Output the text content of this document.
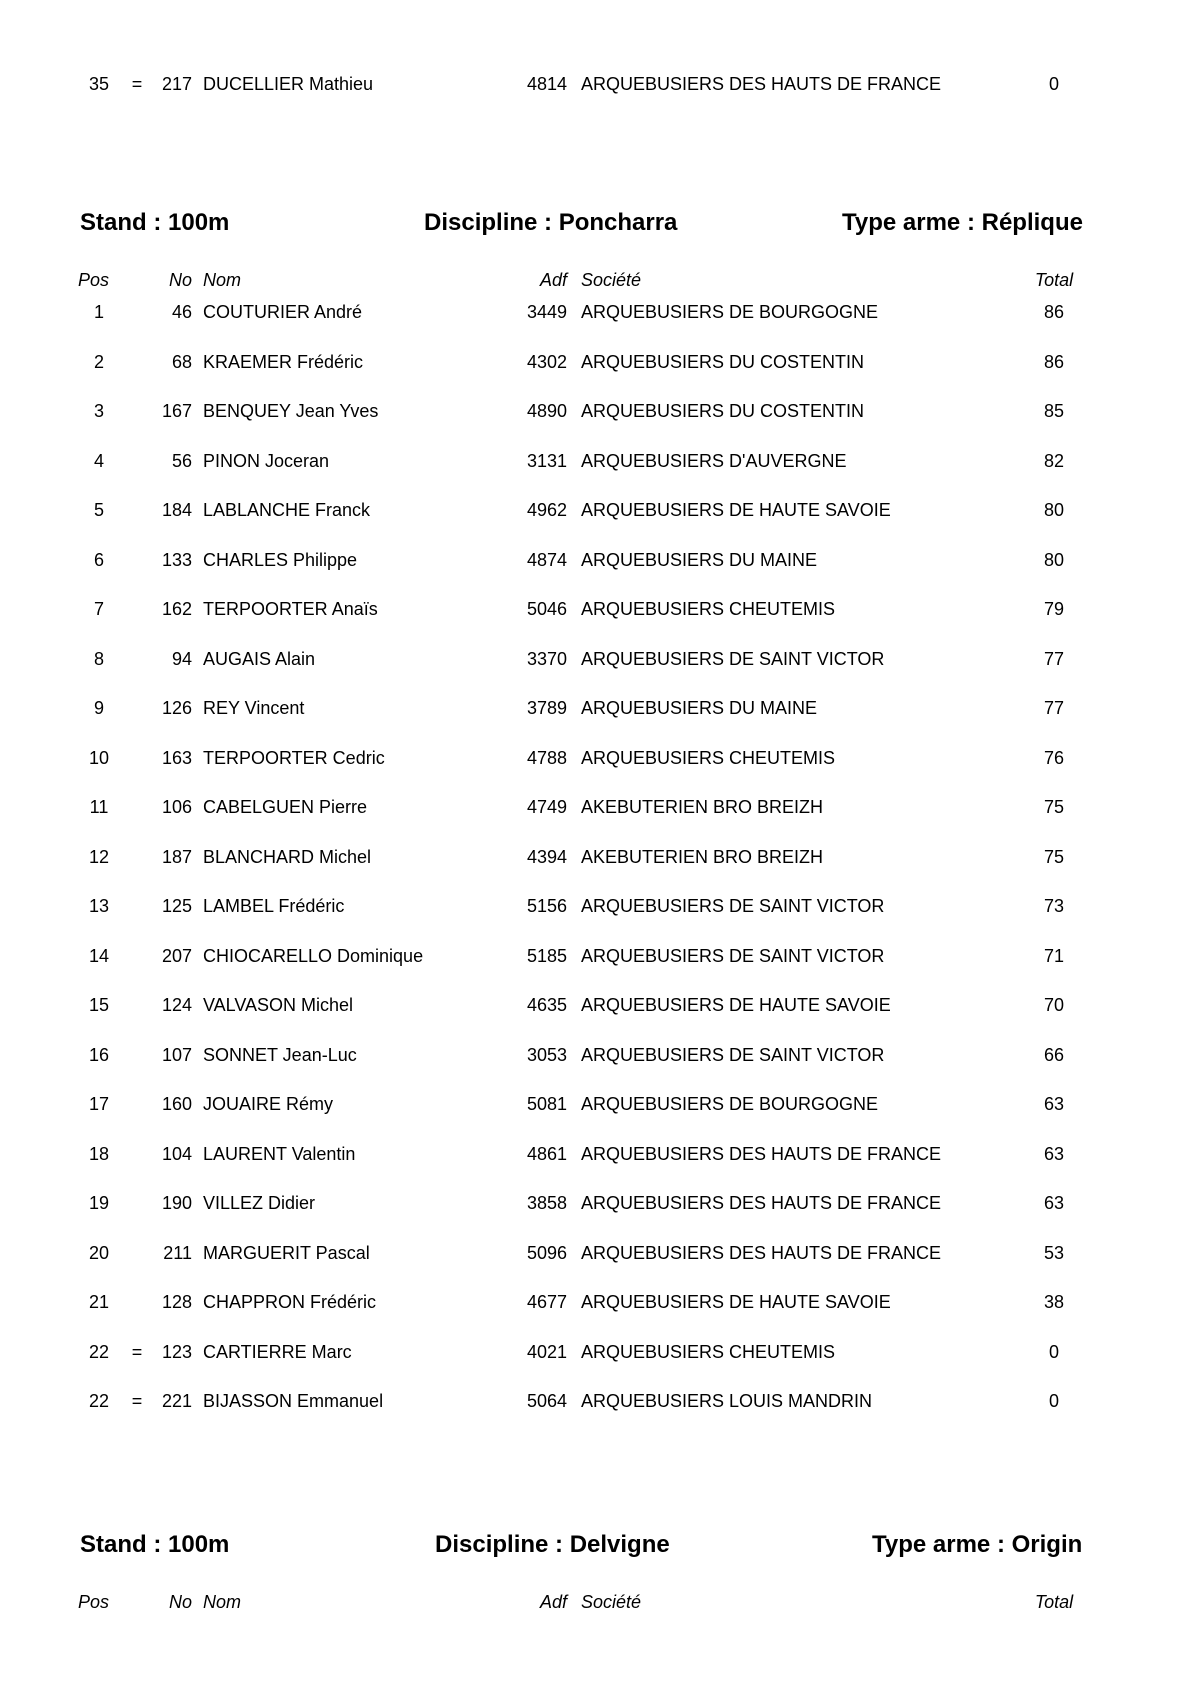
35	=	217 DUCELLIER Mathieu	4814 ARQUEBUSIERS DES HAUTS DE FRANCE	0
Stand : 100m	Discipline : Poncharra	Type arme : Réplique
Pos	No Nom	Adf Société	Total
1	46 COUTURIER André	3449 ARQUEBUSIERS DE BOURGOGNE	86
2	68 KRAEMER Frédéric	4302 ARQUEBUSIERS DU COSTENTIN	86
3	167 BENQUEY Jean Yves	4890 ARQUEBUSIERS DU COSTENTIN	85
4	56 PINON Joceran	3131 ARQUEBUSIERS D'AUVERGNE	82
5	184 LABLANCHE Franck	4962 ARQUEBUSIERS DE HAUTE SAVOIE	80
6	133 CHARLES Philippe	4874 ARQUEBUSIERS DU MAINE	80
7	162 TERPOORTER Anaïs	5046 ARQUEBUSIERS CHEUTEMIS	79
8	94 AUGAIS Alain	3370 ARQUEBUSIERS DE SAINT VICTOR	77
9	126 REY Vincent	3789 ARQUEBUSIERS DU MAINE	77
10	163 TERPOORTER Cedric	4788 ARQUEBUSIERS CHEUTEMIS	76
11	106 CABELGUEN Pierre	4749 AKEBUTERIEN BRO BREIZH	75
12	187 BLANCHARD Michel	4394 AKEBUTERIEN BRO BREIZH	75
13	125 LAMBEL Frédéric	5156 ARQUEBUSIERS DE SAINT VICTOR	73
14	207 CHIOCARELLO Dominique	5185 ARQUEBUSIERS DE SAINT VICTOR	71
15	124 VALVASON Michel	4635 ARQUEBUSIERS DE HAUTE SAVOIE	70
16	107 SONNET Jean-Luc	3053 ARQUEBUSIERS DE SAINT VICTOR	66
17	160 JOUAIRE Rémy	5081 ARQUEBUSIERS DE BOURGOGNE	63
18	104 LAURENT Valentin	4861 ARQUEBUSIERS DES HAUTS DE FRANCE	63
19	190 VILLEZ Didier	3858 ARQUEBUSIERS DES HAUTS DE FRANCE	63
20	211 MARGUERIT Pascal	5096 ARQUEBUSIERS DES HAUTS DE FRANCE	53
21	128 CHAPPRON Frédéric	4677 ARQUEBUSIERS DE HAUTE SAVOIE	38
22	=	123 CARTIERRE Marc	4021 ARQUEBUSIERS CHEUTEMIS	0
22	=	221 BIJASSON Emmanuel	5064 ARQUEBUSIERS LOUIS MANDRIN	0
Stand : 100m	Discipline : Delvigne	Type arme : Origin
Pos	No Nom	Adf Société	Total
